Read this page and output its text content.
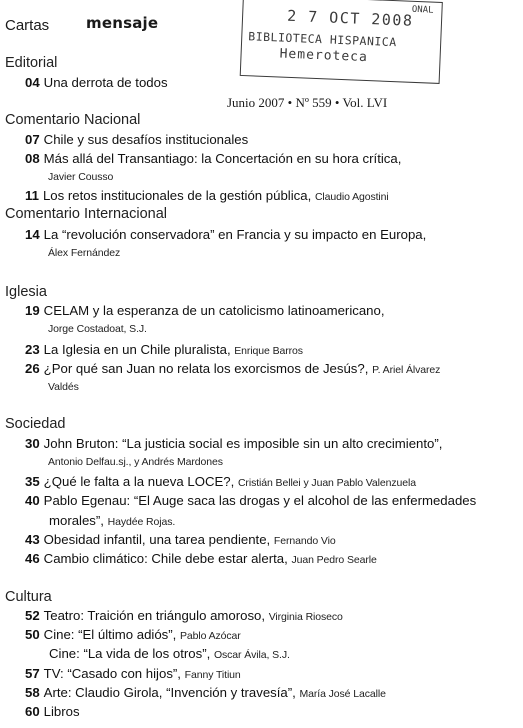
Cartas mensaje
ONAL
2 7 OCT 2008
BIBLIOTECA HISPANICA
Hemeroteca
Editorial
04 Una derrota de todos
Junio 2007 • Nº 559 • Vol. LVI
Comentario Nacional
07 Chile y sus desafíos institucionales
08 Más allá del Transantiago: la Concertación en su hora crítica,
Javier Cousso
11 Los retos institucionales de la gestión pública, Claudio Agostini
Comentario Internacional
14 La “revolución conservadora” en Francia y su impacto en Europa,
Álex Fernández
Iglesia
19 CELAM y la esperanza de un catolicismo latinoamericano,
Jorge Costadoat, S.J.
23 La Iglesia en un Chile pluralista, Enrique Barros
26 ¿Por qué san Juan no relata los exorcismos de Jesús?, P. Ariel Álvarez
Valdés
Sociedad
30 John Bruton: “La justicia social es imposible sin un alto crecimiento”,
Antonio Delfau.sj., y Andrés Mardones
35 ¿Qué le falta a la nueva LOCE?, Cristián Bellei y Juan Pablo Valenzuela
40 Pablo Egenau: “El Auge saca las drogas y el alcohol de las enfermedades
morales”, Haydée Rojas.
43 Obesidad infantil, una tarea pendiente, Fernando Vio
46 Cambio climático: Chile debe estar alerta, Juan Pedro Searle
Cultura
52 Teatro: Traición en triángulo amoroso, Virginia Rioseco
50 Cine: “El último adiós”, Pablo Azócar
Cine: “La vida de los otros”, Oscar Ávila, S.J.
57 TV: “Casado con hijos”, Fanny Titiun
58 Arte: Claudio Girola, “Invención y travesía”, María José Lacalle
60 Libros
